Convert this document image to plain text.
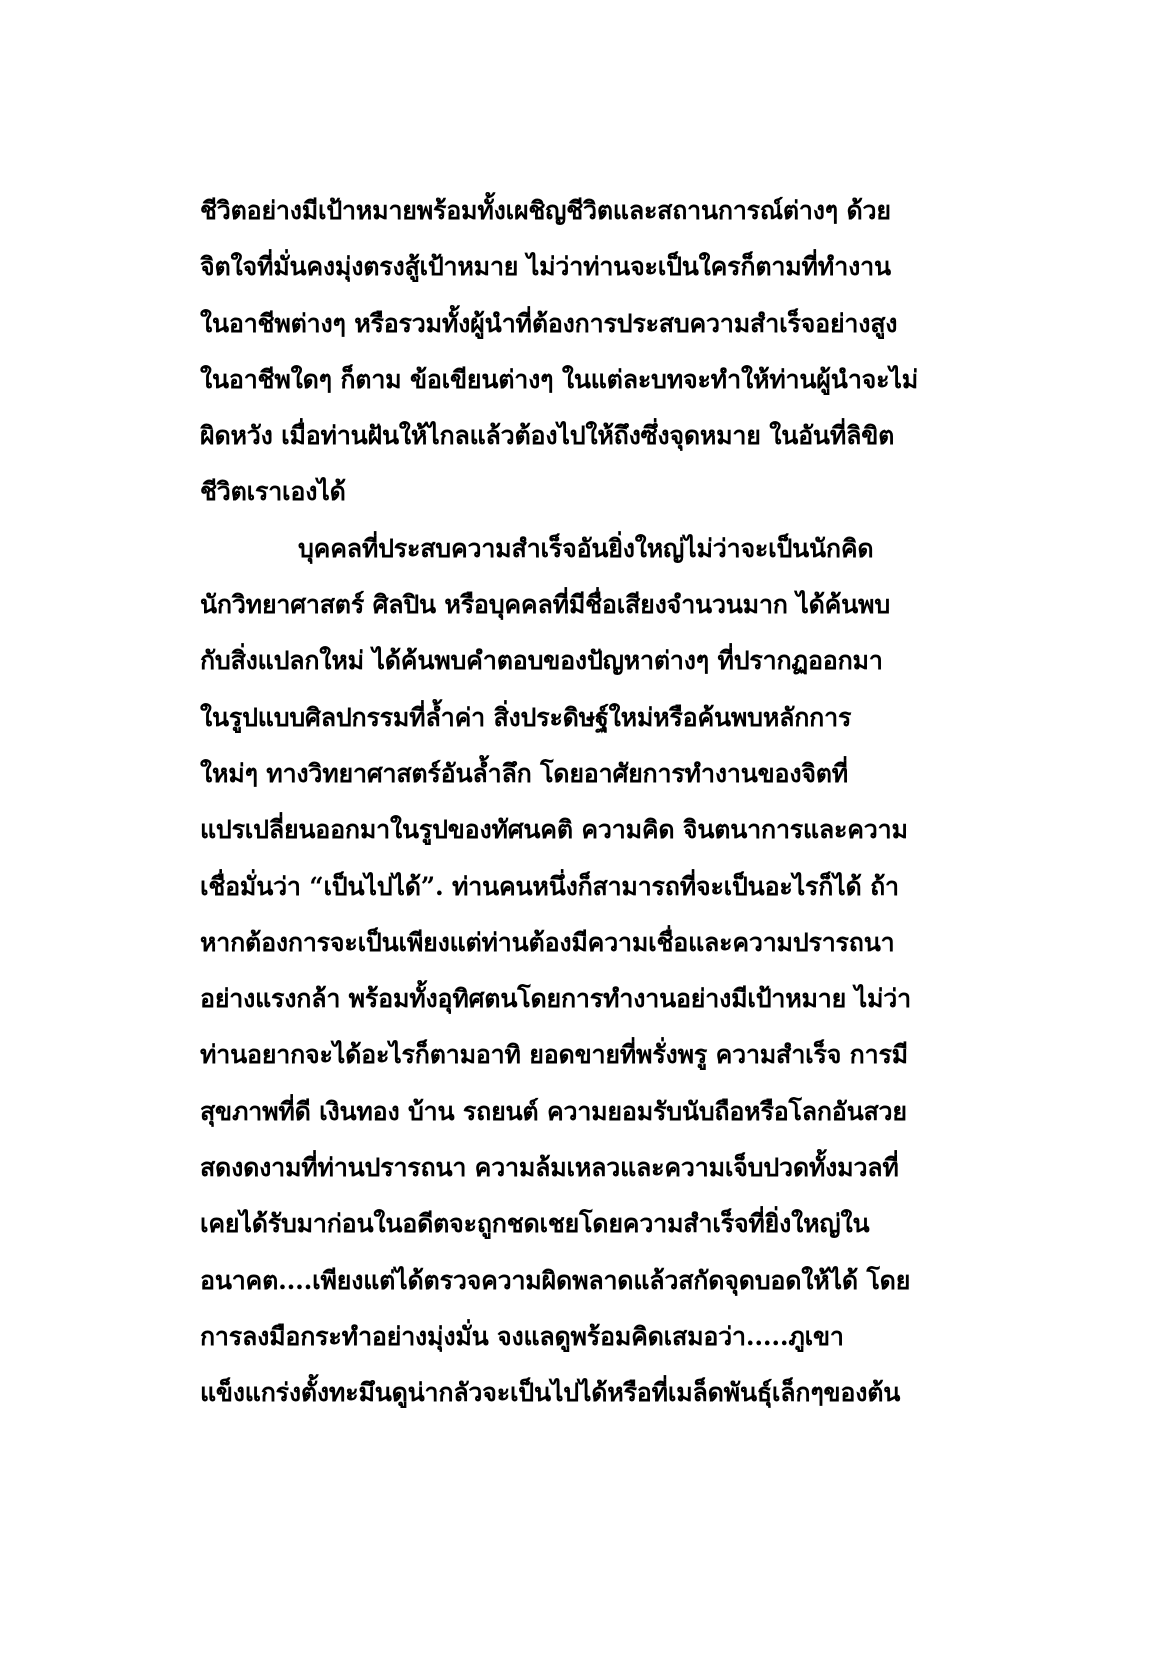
ชีวิตอย่างมีเป้าหมายพร้อมทั้งเผชิญชีวิตและสถานการณ์ต่างๆ ด้วย
จิตใจที่มั่นคงมุ่งตรงสู้เป้าหมาย ไม่ว่าท่านจะเป็นใครก็ตามที่ทำงาน
ในอาชีพต่างๆ หรือรวมทั้งผู้นำที่ต้องการประสบความสำเร็จอย่างสูง
ในอาชีพใดๆ ก็ตาม ข้อเขียนต่างๆ ในแต่ละบทจะทำให้ท่านผู้นำจะไม่
ผิดหวัง เมื่อท่านฝันให้ไกลแล้วต้องไปให้ถึงซึ่งจุดหมาย ในอันที่ลิขิต
ชีวิตเราเองได้
บุคคลที่ประสบความสำเร็จอันยิ่งใหญ่ไม่ว่าจะเป็นนักคิด
นักวิทยาศาสตร์ ศิลปิน หรือบุคคลที่มีชื่อเสียงจำนวนมาก ได้ค้นพบ
กับสิ่งแปลกใหม่ ได้ค้นพบคำตอบของปัญหาต่างๆ ที่ปรากฏออกมา
ในรูปแบบศิลปกรรมที่ล้ำค่า สิ่งประดิษฐ์ใหม่หรือค้นพบหลักการ
ใหม่ๆ ทางวิทยาศาสตร์อันล้ำลึก โดยอาศัยการทำงานของจิตที่
แปรเปลี่ยนออกมาในรูปของทัศนคติ ความคิด จินตนาการและความ
เชื่อมั่นว่า “เป็นไปได้”. ท่านคนหนึ่งก็สามารถที่จะเป็นอะไรก็ได้ ถ้า
หากต้องการจะเป็นเพียงแต่ท่านต้องมีความเชื่อและความปรารถนา
อย่างแรงกล้า พร้อมทั้งอุทิศตนโดยการทำงานอย่างมีเป้าหมาย ไม่ว่า
ท่านอยากจะได้อะไรก็ตามอาทิ ยอดขายที่พรั่งพรู ความสำเร็จ การมี
สุขภาพที่ดี เงินทอง บ้าน รถยนต์ ความยอมรับนับถือหรือโลกอันสวย
สดงดงามที่ท่านปรารถนา ความล้มเหลวและความเจ็บปวดทั้งมวลที่
เคยได้รับมาก่อนในอดีตจะถูกชดเชยโดยความสำเร็จที่ยิ่งใหญ่ใน
อนาคต....เพียงแต่ได้ตรวจความผิดพลาดแล้วสกัดจุดบอดให้ได้ โดย
การลงมือกระทำอย่างมุ่งมั่น จงแลดูพร้อมคิดเสมอว่า.....ภูเขา
แข็งแกร่งตั้งทะมึนดูน่ากลัวจะเป็นไปได้หรือที่เมล็ดพันธุ์เล็กๆของต้น
